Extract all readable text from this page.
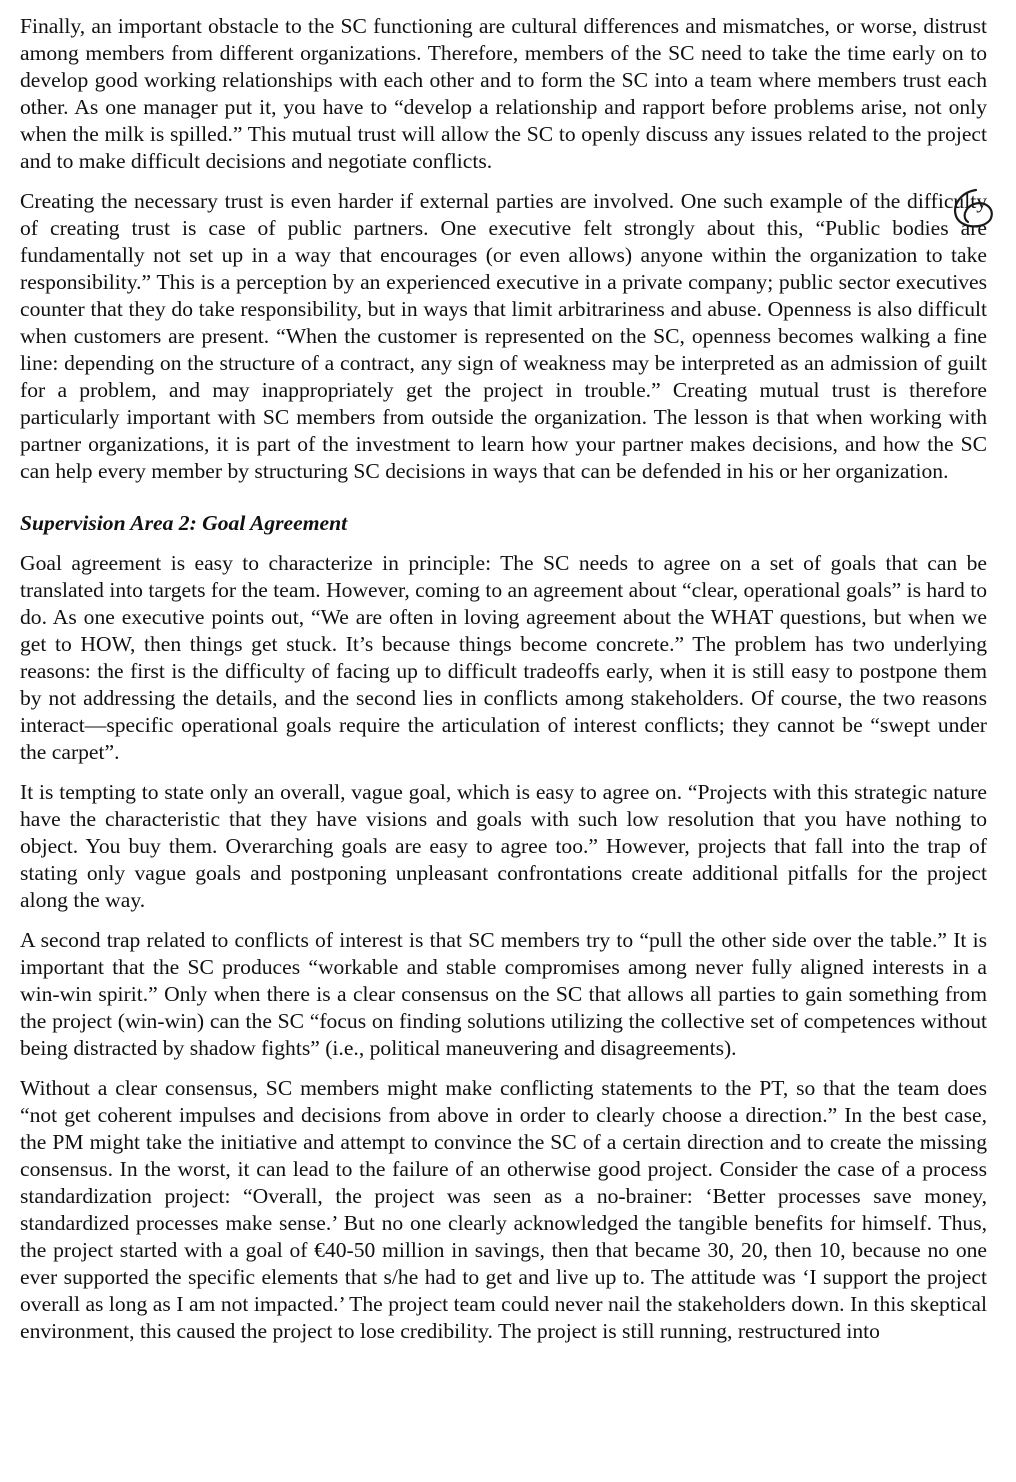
Finally, an important obstacle to the SC functioning are cultural differences and mismatches, or worse, distrust among members from different organizations. Therefore, members of the SC need to take the time early on to develop good working relationships with each other and to form the SC into a team where members trust each other. As one manager put it, you have to “develop a relationship and rapport before problems arise, not only when the milk is spilled.” This mutual trust will allow the SC to openly discuss any issues related to the project and to make difficult decisions and negotiate conflicts.

Creating the necessary trust is even harder if external parties are involved. One such example of the difficulty of creating trust is case of public partners. One executive felt strongly about this, “Public bodies are fundamentally not set up in a way that encourages (or even allows) anyone within the organization to take responsibility.” This is a perception by an experienced executive in a private company; public sector executives counter that they do take responsibility, but in ways that limit arbitrariness and abuse. Openness is also difficult when customers are present. “When the customer is represented on the SC, openness becomes walking a fine line: depending on the structure of a contract, any sign of weakness may be interpreted as an admission of guilt for a problem, and may inappropriately get the project in trouble.” Creating mutual trust is therefore particularly important with SC members from outside the organization. The lesson is that when working with partner organizations, it is part of the investment to learn how your partner makes decisions, and how the SC can help every member by structuring SC decisions in ways that can be defended in his or her organization.

Supervision Area 2: Goal Agreement

Goal agreement is easy to characterize in principle: The SC needs to agree on a set of goals that can be translated into targets for the team. However, coming to an agreement about “clear, operational goals” is hard to do. As one executive points out, “We are often in loving agreement about the WHAT questions, but when we get to HOW, then things get stuck. It’s because things become concrete.” The problem has two underlying reasons: the first is the difficulty of facing up to difficult tradeoffs early, when it is still easy to postpone them by not addressing the details, and the second lies in conflicts among stakeholders. Of course, the two reasons interact—specific operational goals require the articulation of interest conflicts; they cannot be “swept under the carpet”.

It is tempting to state only an overall, vague goal, which is easy to agree on. “Projects with this strategic nature have the characteristic that they have visions and goals with such low resolution that you have nothing to object. You buy them. Overarching goals are easy to agree too.” However, projects that fall into the trap of stating only vague goals and postponing unpleasant confrontations create additional pitfalls for the project along the way.

A second trap related to conflicts of interest is that SC members try to “pull the other side over the table.” It is important that the SC produces “workable and stable compromises among never fully aligned interests in a win-win spirit.” Only when there is a clear consensus on the SC that allows all parties to gain something from the project (win-win) can the SC “focus on finding solutions utilizing the collective set of competences without being distracted by shadow fights” (i.e., political maneuvering and disagreements).

Without a clear consensus, SC members might make conflicting statements to the PT, so that the team does “not get coherent impulses and decisions from above in order to clearly choose a direction.” In the best case, the PM might take the initiative and attempt to convince the SC of a certain direction and to create the missing consensus. In the worst, it can lead to the failure of an otherwise good project. Consider the case of a process standardization project: “Overall, the project was seen as a no-brainer: ‘Better processes save money, standardized processes make sense.’ But no one clearly acknowledged the tangible benefits for himself. Thus, the project started with a goal of €40-50 million in savings, then that became 30, 20, then 10, because no one ever supported the specific elements that s/he had to get and live up to. The attitude was ‘I support the project overall as long as I am not impacted.’ The project team could never nail the stakeholders down. In this skeptical environment, this caused the project to lose credibility. The project is still running, restructured into
